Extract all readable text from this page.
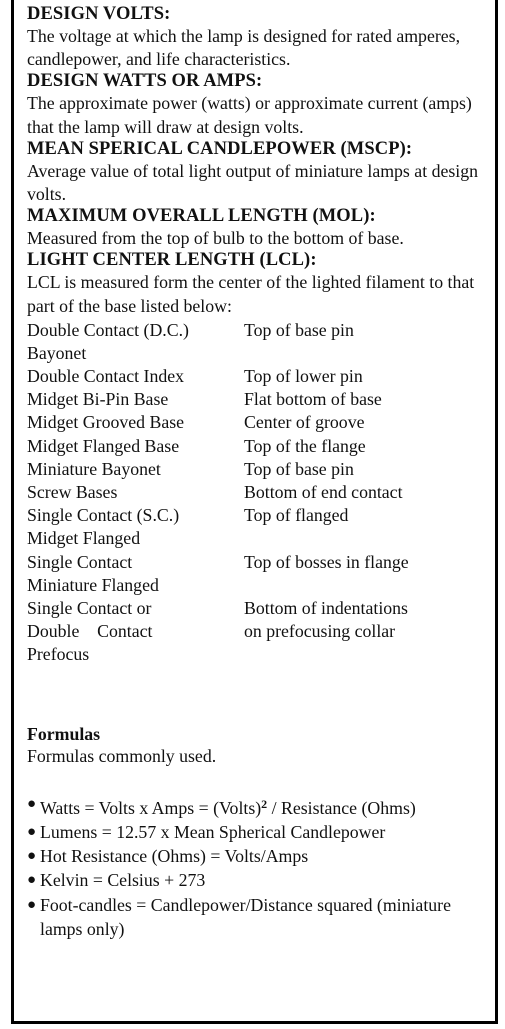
DESIGN VOLTS:
The voltage at which the lamp is designed for rated amperes, candlepower, and life characteristics.
DESIGN WATTS OR AMPS:
The approximate power (watts) or approximate current (amps) that the lamp will draw at design volts.
MEAN SPERICAL CANDLEPOWER (MSCP):
Average value of total light output of miniature lamps at design volts.
MAXIMUM OVERALL LENGTH (MOL):
Measured from the top of bulb to the bottom of base.
LIGHT CENTER LENGTH (LCL):
LCL is measured form the center of the lighted filament to that part of the base listed below:
Double Contact (D.C.)	Top of base pin
Bayonet	
Double Contact Index	Top of lower pin
Midget Bi-Pin Base	Flat bottom of base
Midget Grooved Base	Center of groove
Midget Flanged Base	Top of the flange
Miniature Bayonet	Top of base pin
Screw Bases	Bottom of end contact
Single Contact (S.C.)	Top of flanged
Midget Flanged	
Single Contact	Top of bosses in flange
Miniature Flanged	
Single Contact or	Bottom of indentations
Double    Contact	on prefocusing collar
Prefocus	
Formulas
Formulas commonly used.
● Watts = Volts x Amps = (Volts)$^2$ / Resistance (Ohms)
● Lumens = 12.57 x Mean Spherical Candlepower
● Hot Resistance (Ohms) = Volts/Amps
● Kelvin = Celsius + 273
● Foot-candles = Candlepower/Distance squared (miniature lamps only)
